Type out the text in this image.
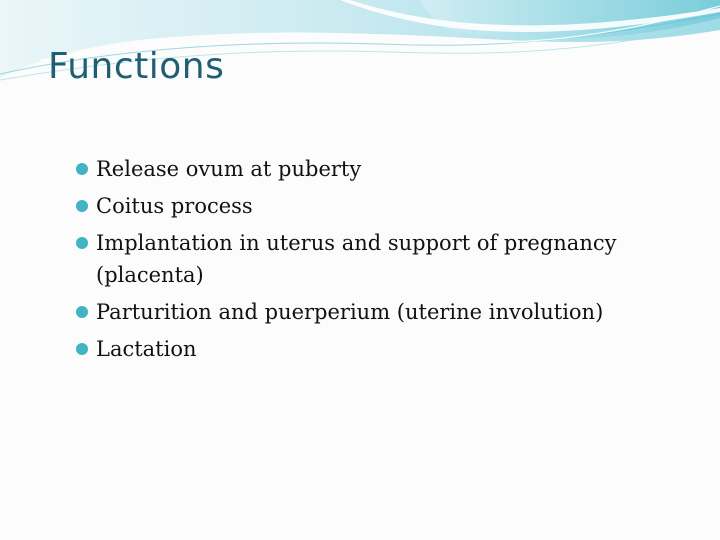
Functions
Release ovum at puberty
Coitus process
Implantation in uterus and support of pregnancy (placenta)
Parturition and puerperium (uterine involution)
Lactation
